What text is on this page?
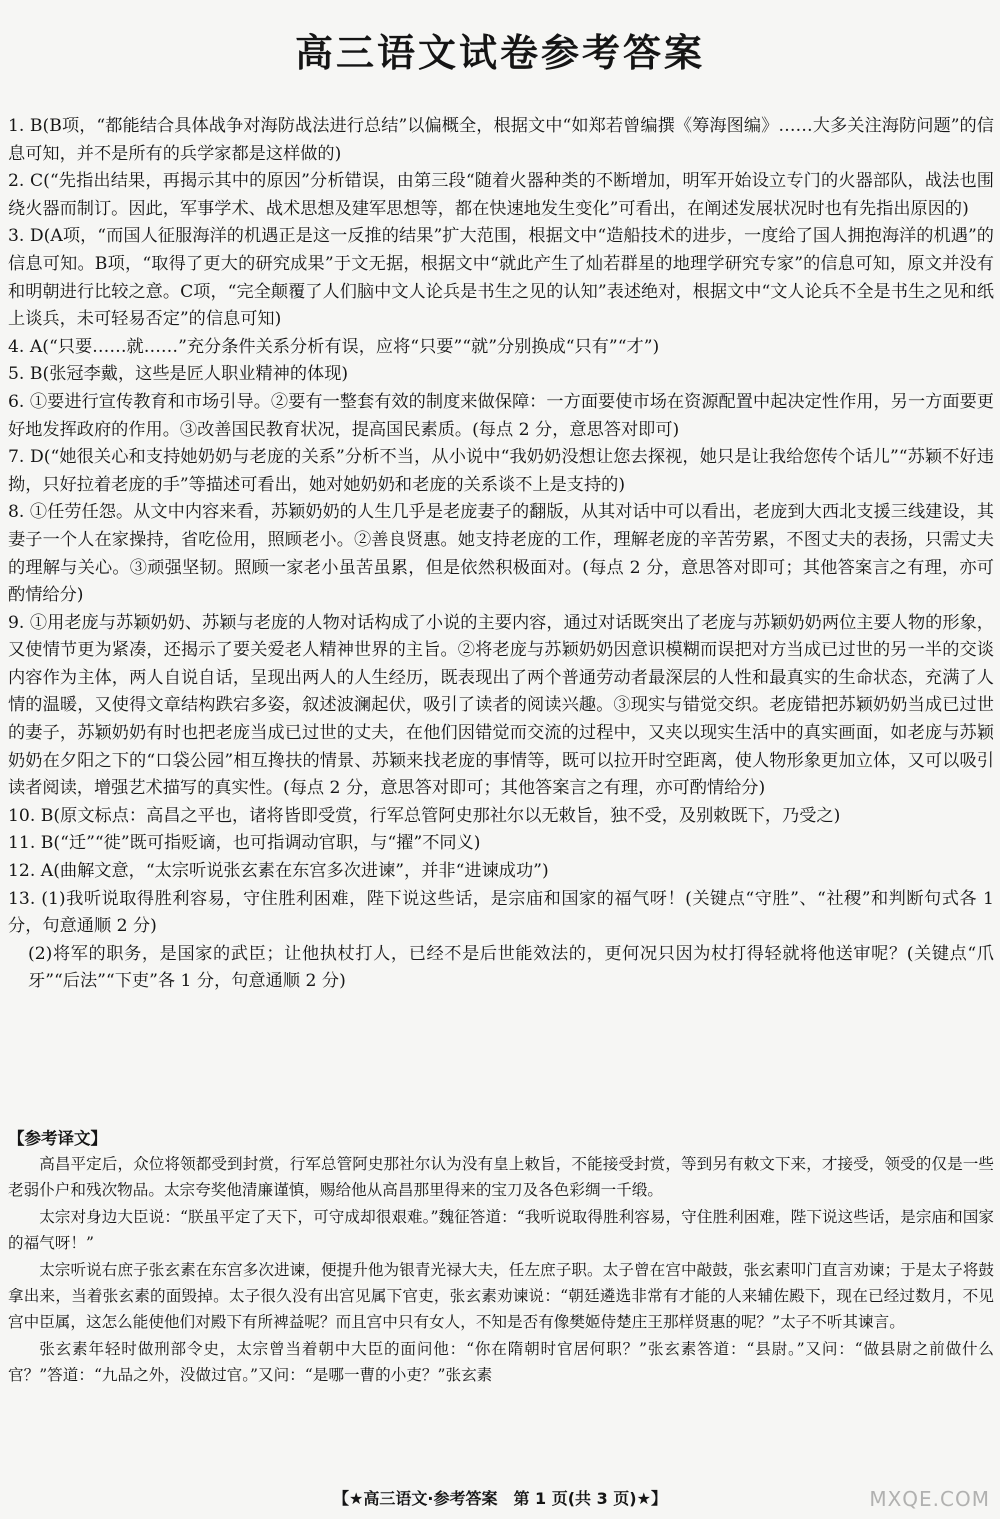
高三语文试卷参考答案

1. B(B项，“都能结合具体战争对海防战法进行总结”以偏概全，根据文中“如郑若曾编撰《筹海图编》……大多关注海防问题”的信息可知，并不是所有的兵学家都是这样做的)

2. C(“先指出结果，再揭示其中的原因”分析错误，由第三段“随着火器种类的不断增加，明军开始设立专门的火器部队，战法也围绕火器而制订。因此，军事学术、战术思想及建军思想等，都在快速地发生变化”可看出，在阐述发展状况时也有先指出原因的)

3. D(A项，“而国人征服海洋的机遇正是这一反推的结果”扩大范围，根据文中“造船技术的进步，一度给了国人拥抱海洋的机遇”的信息可知。B项，“取得了更大的研究成果”于文无据，根据文中“就此产生了灿若群星的地理学研究专家”的信息可知，原文并没有和明朝进行比较之意。C项，“完全颠覆了人们脑中文人论兵是书生之见的认知”表述绝对，根据文中“文人论兵不全是书生之见和纸上谈兵，未可轻易否定”的信息可知)

4. A(“只要……就……”充分条件关系分析有误，应将“只要”“就”分别换成“只有”“才”)

5. B(张冠李戴，这些是匠人职业精神的体现)

6. ①要进行宣传教育和市场引导。②要有一整套有效的制度来做保障：一方面要使市场在资源配置中起决定性作用，另一方面要更好地发挥政府的作用。③改善国民教育状况，提高国民素质。(每点 2 分，意思答对即可)

7. D(“她很关心和支持她奶奶与老庞的关系”分析不当，从小说中“我奶奶没想让您去探视，她只是让我给您传个话儿”“苏颖不好违拗，只好拉着老庞的手”等描述可看出，她对她奶奶和老庞的关系谈不上是支持的)

8. ①任劳任怨。从文中内容来看，苏颖奶奶的人生几乎是老庞妻子的翻版，从其对话中可以看出，老庞到大西北支援三线建设，其妻子一个人在家操持，省吃俭用，照顾老小。②善良贤惠。她支持老庞的工作，理解老庞的辛苦劳累，不图丈夫的表扬，只需丈夫的理解与关心。③顽强坚韧。照顾一家老小虽苦虽累，但是依然积极面对。(每点 2 分，意思答对即可；其他答案言之有理，亦可酌情给分)

9. ①用老庞与苏颖奶奶、苏颖与老庞的人物对话构成了小说的主要内容，通过对话既突出了老庞与苏颖奶奶两位主要人物的形象，又使情节更为紧凑，还揭示了要关爱老人精神世界的主旨。②将老庞与苏颖奶奶因意识模糊而误把对方当成已过世的另一半的交谈内容作为主体，两人自说自话，呈现出两人的人生经历，既表现出了两个普通劳动者最深层的人性和最真实的生命状态，充满了人情的温暖，又使得文章结构跌宕多姿，叙述波澜起伏，吸引了读者的阅读兴趣。③现实与错觉交织。老庞错把苏颖奶奶当成已过世的妻子，苏颖奶奶有时也把老庞当成已过世的丈夫，在他们因错觉而交流的过程中，又夹以现实生活中的真实画面，如老庞与苏颖奶奶在夕阳之下的“口袋公园”相互搀扶的情景、苏颖来找老庞的事情等，既可以拉开时空距离，使人物形象更加立体，又可以吸引读者阅读，增强艺术描写的真实性。(每点 2 分，意思答对即可；其他答案言之有理，亦可酌情给分)

10. B(原文标点：高昌之平也，诸将皆即受赏，行军总管阿史那社尔以无敕旨，独不受，及别敕既下，乃受之)

11. B(“迁”“徙”既可指贬谪，也可指调动官职，与“擢”不同义)

12. A(曲解文意，“太宗听说张玄素在东宫多次进谏”，并非“进谏成功”)

13. (1)我听说取得胜利容易，守住胜利困难，陛下说这些话，是宗庙和国家的福气呀！(关键点“守胜”、“社稷”和判断句式各 1 分，句意通顺 2 分)

(2)将军的职务，是国家的武臣；让他执杖打人，已经不是后世能效法的，更何况只因为杖打得轻就将他送审呢？(关键点“爪牙”“后法”“下吏”各 1 分，句意通顺 2 分)

【参考译文】

高昌平定后，众位将领都受到封赏，行军总管阿史那社尔认为没有皇上敕旨，不能接受封赏，等到另有敕文下来，才接受，领受的仅是一些老弱仆户和残次物品。太宗夸奖他清廉谨慎，赐给他从高昌那里得来的宝刀及各色彩绸一千缎。

太宗对身边大臣说：“朕虽平定了天下，可守成却很艰难。”魏征答道：“我听说取得胜利容易，守住胜利困难，陛下说这些话，是宗庙和国家的福气呀！”

太宗听说右庶子张玄素在东宫多次进谏，便提升他为银青光禄大夫，任左庶子职。太子曾在宫中敲鼓，张玄素叩门直言劝谏；于是太子将鼓拿出来，当着张玄素的面毁掉。太子很久没有出宫见属下官吏，张玄素劝谏说：“朝廷遴选非常有才能的人来辅佐殿下，现在已经过数月，不见宫中臣属，这怎么能使他们对殿下有所裨益呢？而且宫中只有女人，不知是否有像樊姬侍楚庄王那样贤惠的呢？”太子不听其谏言。

张玄素年轻时做刑部令史，太宗曾当着朝中大臣的面问他：“你在隋朝时官居何职？”张玄素答道：“县尉。”又问：“做县尉之前做什么官？”答道：“九品之外，没做过官。”又问：“是哪一曹的小吏？”张玄素

【★高三语文·参考答案　第 1 页(共 3 页)★】	MXQE.COM
